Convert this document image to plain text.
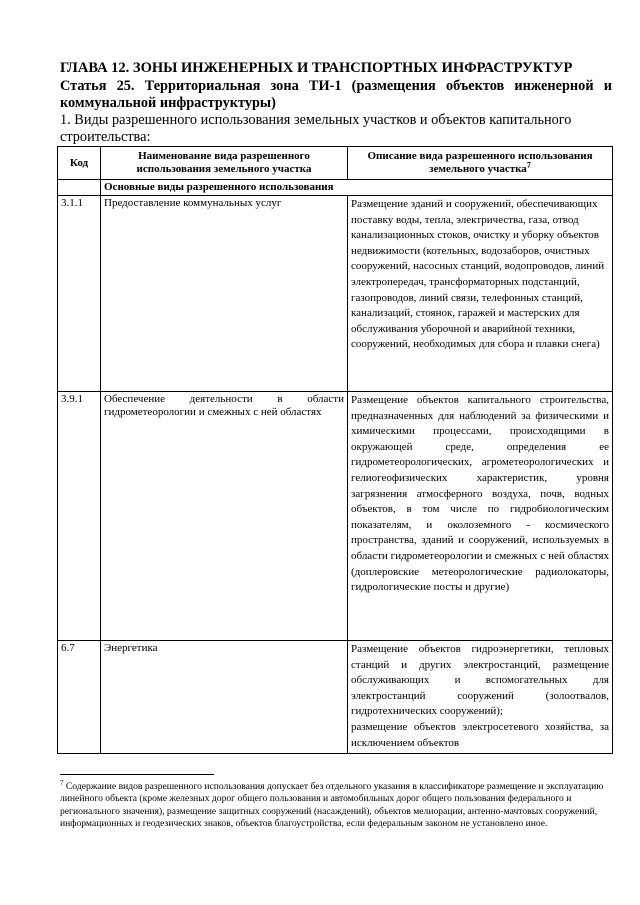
ГЛАВА 12. ЗОНЫ ИНЖЕНЕРНЫХ И ТРАНСПОРТНЫХ ИНФРАСТРУКТУР
Статья 25. Территориальная зона ТИ-1 (размещения объектов инженерной и коммунальной инфраструктуры)
1. Виды разрешенного использования земельных участков и объектов капитального строительства:
Код	Наименование вида разрешенного использования земельного участка	Описание вида разрешенного использования земельного участка$^7$
	Основные виды разрешенного использования	
3.1.1	Предоставление коммунальных услуг	Размещение зданий и сооружений, обеспечивающих поставку воды, тепла, электричества, газа, отвод канализационных стоков, очистку и уборку объектов недвижимости (котельных, водозаборов, очистных сооружений, насосных станций, водопроводов, линий электропередач, трансформаторных подстанций, газопроводов, линий связи, телефонных станций, канализаций, стоянок, гаражей и мастерских для обслуживания уборочной и аварийной техники, сооружений, необходимых для сбора и плавки снега)
3.9.1	Обеспечение деятельности в области гидрометеорологии и смежных с ней областях	Размещение объектов капитального строительства, предназначенных для наблюдений за физическими и химическими процессами, происходящими в окружающей среде, определения ее гидрометеорологических, агрометеорологических и гелиогеофизических характеристик, уровня загрязнения атмосферного воздуха, почв, водных объектов, в том числе по гидробиологическим показателям, и околоземного - космического пространства, зданий и сооружений, используемых в области гидрометеорологии и смежных с ней областях (доплеровские метеорологические радиолокаторы, гидрологические посты и другие)
6.7	Энергетика	Размещение объектов гидроэнергетики, тепловых станций и других электростанций, размещение обслуживающих и вспомогательных для электростанций сооружений (золоотвалов, гидротехнических сооружений);
размещение объектов электросетевого хозяйства, за исключением объектов
$^7$ Содержание видов разрешенного использования допускает без отдельного указания в классификаторе размещение и эксплуатацию линейного объекта (кроме железных дорог общего пользования и автомобильных дорог общего пользования федерального и регионального значения), размещение защитных сооружений (насаждений), объектов мелиорации, антенно-мачтовых сооружений, информационных и геодезических знаков, объектов благоустройства, если федеральным законом не установлено иное.
